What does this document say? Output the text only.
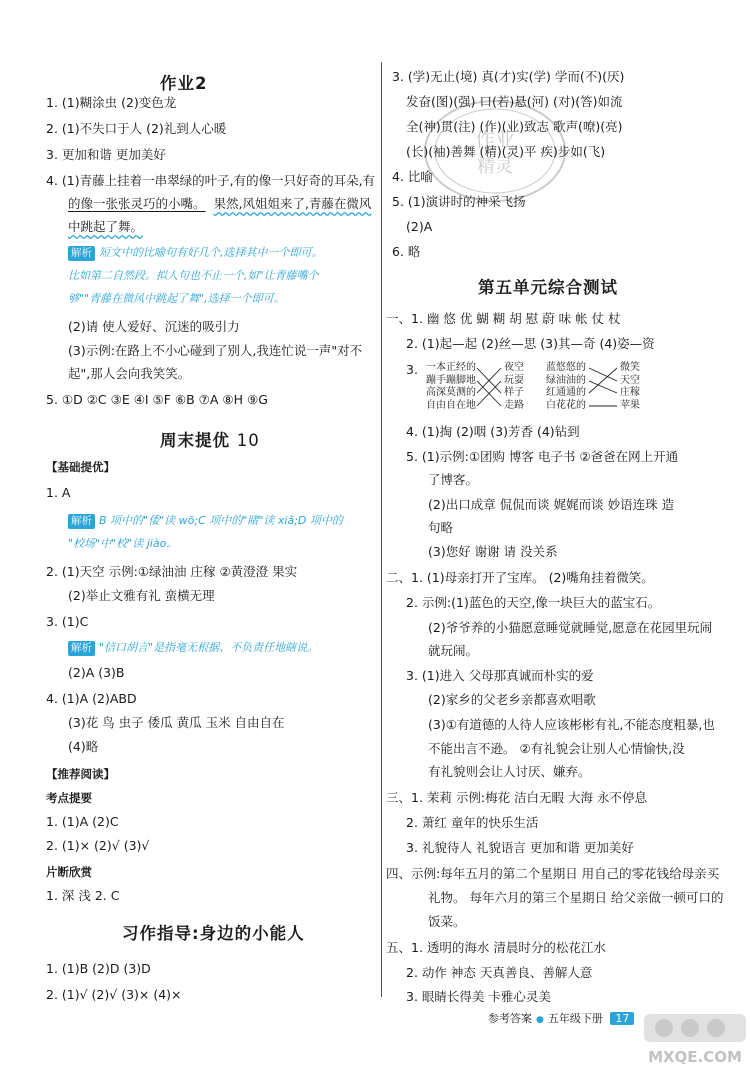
作业2
1. (1)糊涂虫 (2)变色龙
2. (1)不失口于人 (2)礼到人心暖
3. 更加和谐 更加美好
4. (1)青藤上挂着一串翠绿的叶子,有的像一只好奇的耳朵,有
的像一张张灵巧的小嘴。 果然,风姐姐来了,青藤在微风
中跳起了舞。
解析 短文中的比喻句有好几个,选择其中一个即可。
比如第二自然段。拟人句也不止一个,如"让青藤嘴个
够""青藤在微风中跳起了舞",选择一个即可。
(2)请 使人爱好、沉迷的吸引力
(3)示例:在路上不小心碰到了别人,我连忙说一声"对不
起",那人会向我笑笑。
5. ①D ②C ③E ④I ⑤F ⑥B ⑦A ⑧H ⑨G
周末提优 10
【基础提优】
1. A
解析 B 项中的"倭"读 wō;C 项中的"睹"读 xiǎ;D 项中的
"校场"中"校"读 jiào。
2. (1)天空 示例:①绿油油 庄稼 ②黄澄澄 果实
(2)举止文雅有礼 蛮横无理
3. (1)C
解析 "信口胡言"是指毫无根据、不负责任地瞎说。
(2)A (3)B
4. (1)A (2)ABD
(3)花 鸟 虫子 倭瓜 黄瓜 玉米 自由自在
(4)略
【推荐阅读】
考点提要
1. (1)A (2)C
2. (1)× (2)√ (3)√
片断欣赏
1. 深 浅 2. C
习作指导:身边的小能人
1. (1)B (2)D (3)D
2. (1)√ (2)√ (3)× (4)×
3. (学)无止(境) 真(才)实(学) 学而(不)(厌)
发奋(图)(强) 口(若)悬(河) (对)(答)如流
全(神)贯(注) (作)(业)致志 歌声(嘹)(亮)
(长)(袖)善舞 (精)(灵)平 疾)步如(飞)
4. 比喻
5. (1)演讲时的神采飞扬
(2)A
6. 略
第五单元综合测试
一、1. 幽 悠 优 蝴 糊 胡 慰 蔚 味 帐 仗 杖
2. (1)起—起 (2)丝—思 (3)其—奇 (4)姿—资
3. 一本正经的
蹦手蹦脚地
高深莫测的
自由自在地
夜空
玩耍
样子
走路
蓝悠悠的
绿油油的
红通通的
白花花的
微笑
天空
庄稼
苹果
4. (1)掏 (2)咽 (3)芳香 (4)钻到
5. (1)示例:①团购 博客 电子书 ②爸爸在网上开通
了博客。
(2)出口成章 侃侃而谈 娓娓而谈 妙语连珠 造
句略
(3)您好 谢谢 请 没关系
二、1. (1)母亲打开了宝库。 (2)嘴角挂着微笑。
2. 示例:(1)蓝色的天空,像一块巨大的蓝宝石。
(2)爷爷养的小猫愿意睡觉就睡觉,愿意在花园里玩闹
就玩闹。
3. (1)进入 父母那真诚而朴实的爱
(2)家乡的父老乡亲都喜欢唱歌
(3)①有道德的人待人应该彬彬有礼,不能态度粗暴,也
不能出言不逊。 ②有礼貌会让别人心情愉快,没
有礼貌则会让人讨厌、嫌弃。
三、1. 茉莉 示例:梅花 洁白无暇 大海 永不停息
2. 萧红 童年的快乐生活
3. 礼貌待人 礼貌语言 更加和谐 更加美好
四、示例:每年五月的第二个星期日 用自己的零花钱给母亲买
礼物。 每年六月的第三个星期日 给父亲做一顿可口的
饭菜。
五、1. 透明的海水 清晨时分的松花江水
2. 动作 神态 天真善良、善解人意
3. 眼睛长得美 卡雅心灵美
作业
精灵
参考答案 ● 五年级下册 17
MXQE.COM
